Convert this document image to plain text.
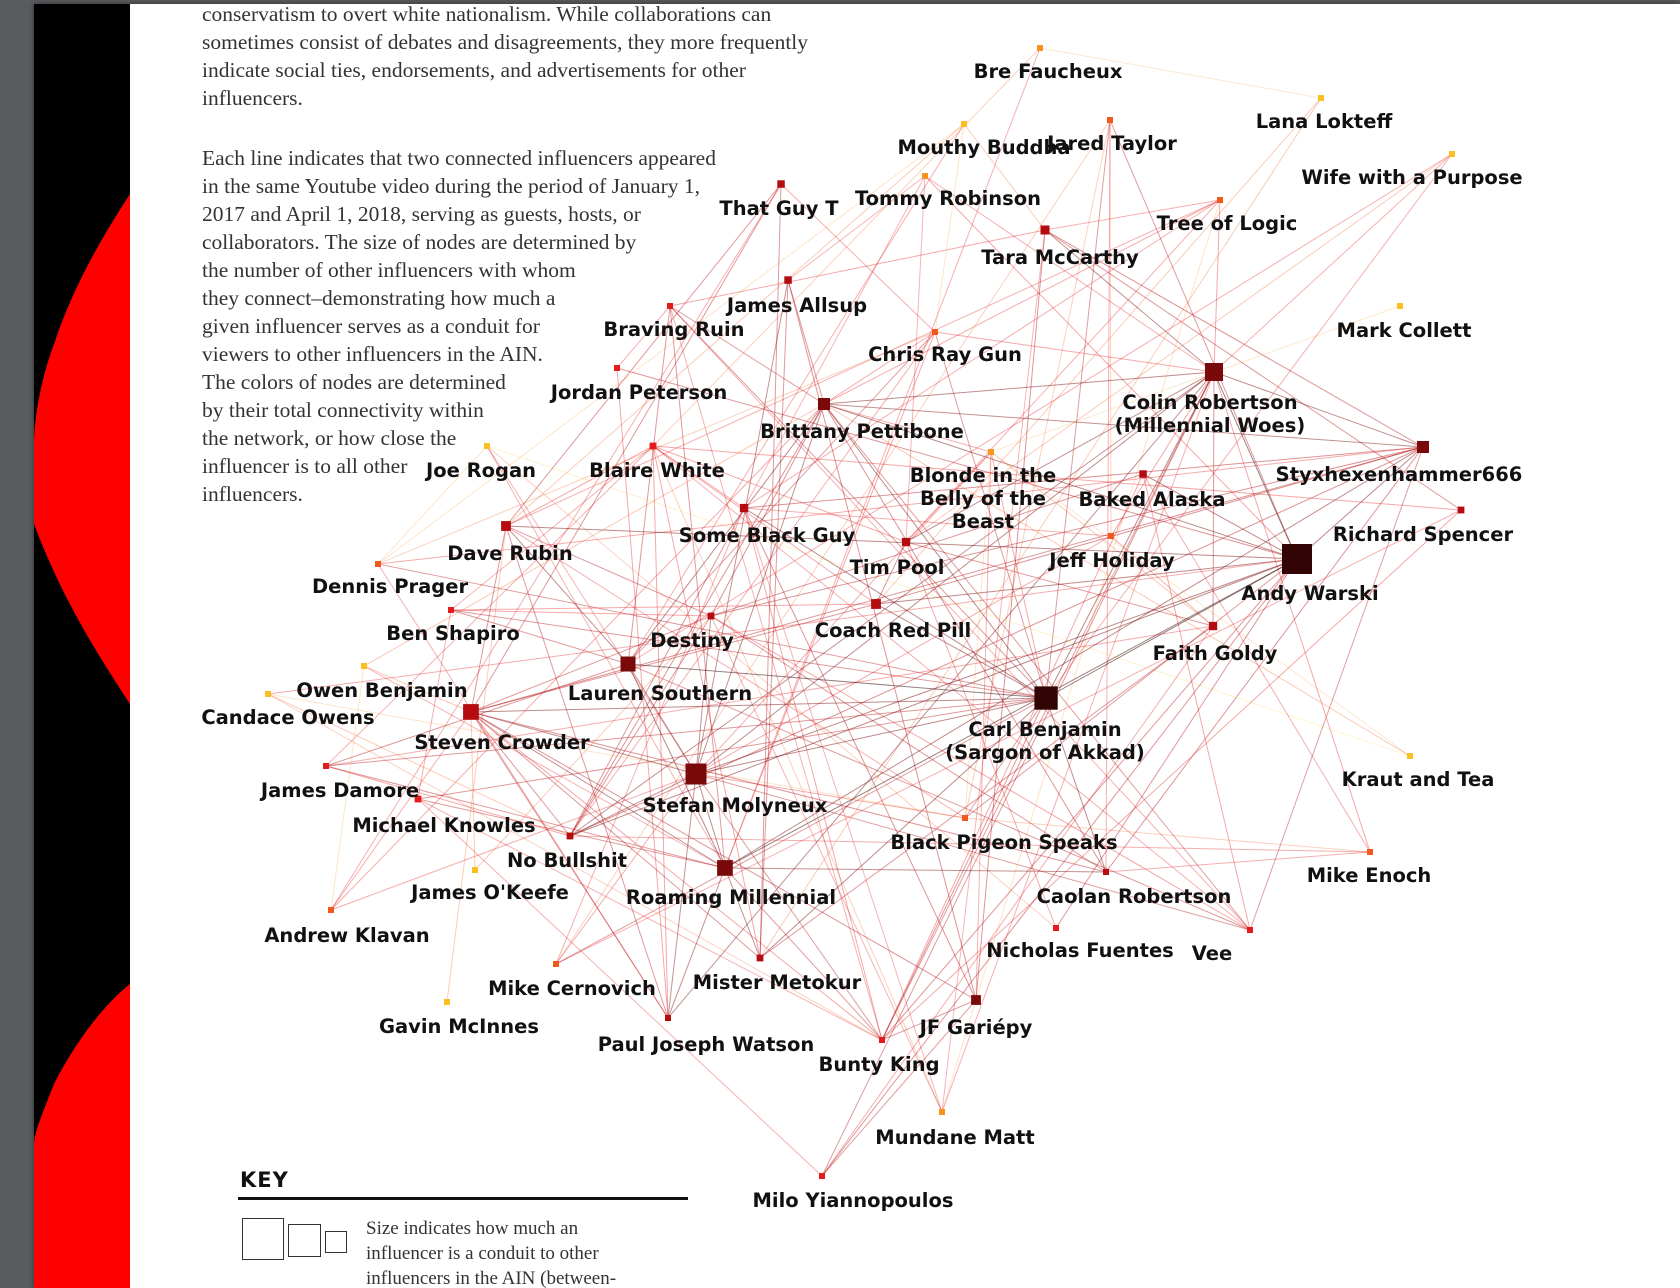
conservatism to overt white nationalism. While collaborations can
sometimes consist of debates and disagreements, they more frequently
indicate social ties, endorsements, and advertisements for other
influencers.

Each line indicates that two connected influencers appeared
in the same Youtube video during the period of January 1,
2017 and April 1, 2018, serving as guests, hosts, or
collaborators. The size of nodes are determined by
the number of other influencers with whom
they connect–demonstrating how much a
given influencer serves as a conduit for
viewers to other influencers in the AIN.
The colors of nodes are determined
by their total connectivity within
the network, or how close the
influencer is to all other
influencers.

Bre Faucheux
Lana Lokteff
Mouthy Buddha
Jared Taylor
Wife with a Purpose
That Guy T Tommy Robinson
Tree of Logic
Tara McCarthy
James Allsup
Braving Ruin	Mark Collett
Chris Ray Gun
Colin Robertson (Millennial Woes)
Jordan Peterson
Brittany Pettibone
Styxhexenhammer666
Joe Rogan	Blaire White	Blonde in the Belly of the Beast
Baked Alaska
Richard Spencer
Dave Rubin
Some Black Guy
Tim Pool	Jeff Holiday
Andy Warski
Dennis Prager
Ben Shapiro	Coach Red Pill
Destiny
Faith Goldy
Owen Benjamin	Lauren Southern
Carl Benjamin (Sargon of Akkad)
Candace Owens
Steven Crowder
Kraut and Tea
James Damore
Stefan Molyneux
Michael Knowles
Black Pigeon Speaks
No Bullshit
Roaming Millennial
Mike Enoch
James O'Keefe	Caolan Robertson
Andrew Klavan
Nicholas Fuentes Vee
Mister Metokur
Mike Cernovich
Gavin McInnes	JF Gariépy
Paul Joseph Watson
Bunty King
Mundane Matt
Milo Yiannopoulos
KEY

Size indicates how much an
influencer is a conduit to other
influencers in the AIN (between-
